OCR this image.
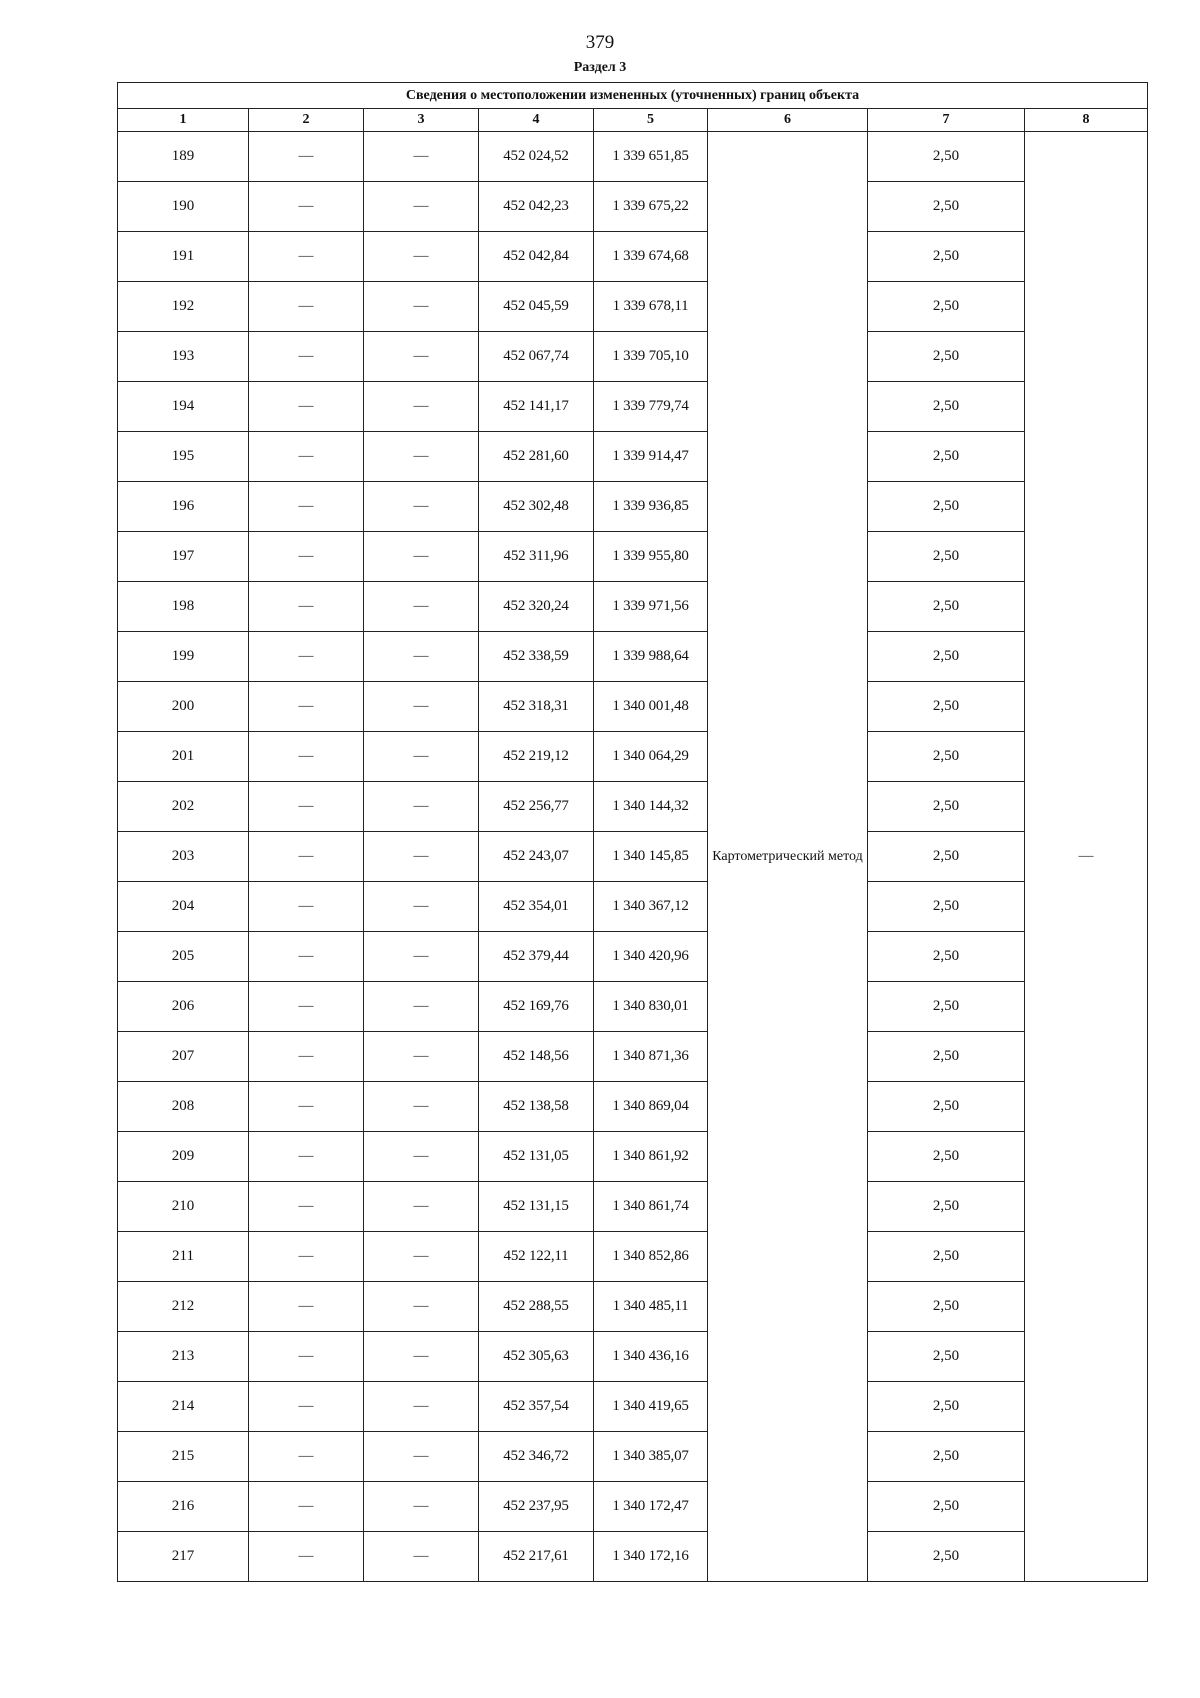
379
Раздел 3
Сведения о местоположении измененных (уточненных) границ объекта							
1	2	3	4	5	6	7	8
189	—	—	452 024,52	1 339 651,85	Картометрический метод	2,50	—
190	—	—	452 042,23	1 339 675,22		2,50	
191	—	—	452 042,84	1 339 674,68		2,50	
192	—	—	452 045,59	1 339 678,11		2,50	
193	—	—	452 067,74	1 339 705,10		2,50	
194	—	—	452 141,17	1 339 779,74		2,50	
195	—	—	452 281,60	1 339 914,47		2,50	
196	—	—	452 302,48	1 339 936,85		2,50	
197	—	—	452 311,96	1 339 955,80		2,50	
198	—	—	452 320,24	1 339 971,56		2,50	
199	—	—	452 338,59	1 339 988,64		2,50	
200	—	—	452 318,31	1 340 001,48		2,50	
201	—	—	452 219,12	1 340 064,29		2,50	
202	—	—	452 256,77	1 340 144,32		2,50	
203	—	—	452 243,07	1 340 145,85		2,50	
204	—	—	452 354,01	1 340 367,12		2,50	
205	—	—	452 379,44	1 340 420,96		2,50	
206	—	—	452 169,76	1 340 830,01		2,50	
207	—	—	452 148,56	1 340 871,36		2,50	
208	—	—	452 138,58	1 340 869,04		2,50	
209	—	—	452 131,05	1 340 861,92		2,50	
210	—	—	452 131,15	1 340 861,74		2,50	
211	—	—	452 122,11	1 340 852,86		2,50	
212	—	—	452 288,55	1 340 485,11		2,50	
213	—	—	452 305,63	1 340 436,16		2,50	
214	—	—	452 357,54	1 340 419,65		2,50	
215	—	—	452 346,72	1 340 385,07		2,50	
216	—	—	452 237,95	1 340 172,47		2,50	
217	—	—	452 217,61	1 340 172,16		2,50	
